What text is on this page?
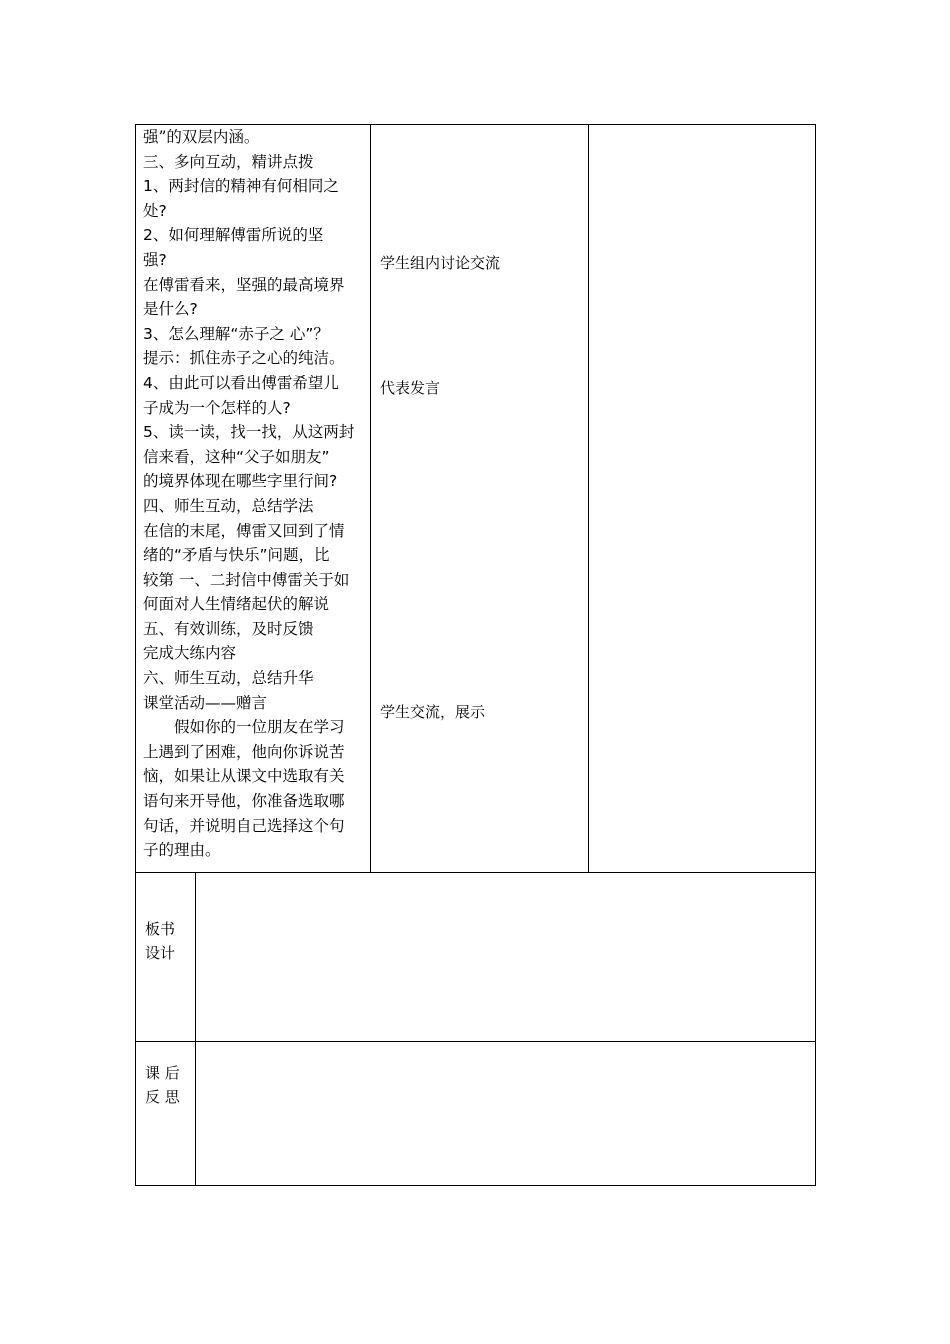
强”的双层内涵。
三、多向互动，精讲点拨
1、两封信的精神有何相同之
处?
2、如何理解傅雷所说的坚
强?
在傅雷看来，坚强的最高境界
是什么?
3、怎么理解“赤子之 心”？
提示：抓住赤子之心的纯洁。
4、由此可以看出傅雷希望儿
子成为一个怎样的人?
5、读一读，找一找，从这两封
信来看，这种“父子如朋友”
的境界体现在哪些字里行间?
四、师生互动，总结学法
在信的末尾，傅雷又回到了情
绪的“矛盾与快乐”问题，比
较第 一、二封信中傅雷关于如
何面对人生情绪起伏的解说
五、有效训练，及时反馈
完成大练内容
六、师生互动，总结升华
课堂活动——赠言
假如你的一位朋友在学习
上遇到了困难，他向你诉说苦
恼，如果让从课文中选取有关
语句来开导他，你准备选取哪
句话，并说明自己选择这个句
子的理由。
学生组内讨论交流
代表发言
学生交流，展示
板书
设计
课 后
反 思
